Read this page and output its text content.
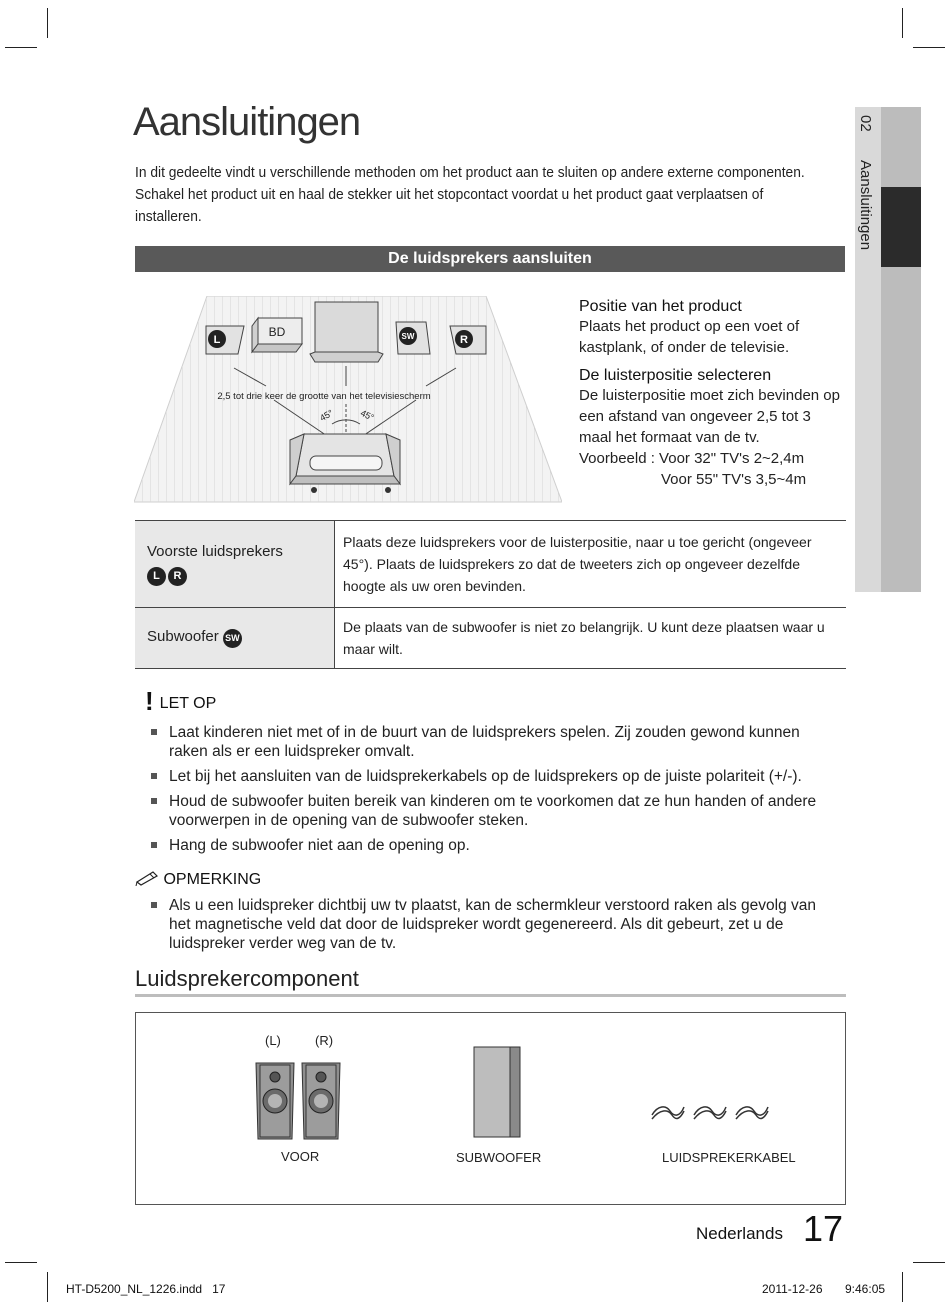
Aansluitingen

In dit gedeelte vindt u verschillende methoden om het product aan te sluiten op andere externe componenten.

Schakel het product uit en haal de stekker uit het stopcontact voordat u het product gaat verplaatsen of installeren.

De luidsprekers aansluiten
02  Aansluitingen
L
BD	SW	R
2,5 tot drie keer de grootte van het televisiescherm
45°	45°
Positie van het product

Plaats het product op een voet of kastplank, of onder de televisie.

De luisterpositie selecteren

De luisterpositie moet zich bevinden op een afstand van ongeveer 2,5 tot 3 maal het formaat van de tv.

Voorbeeld : Voor 32" TV's 2~2,4m

Voor 55" TV's 3,5~4m

Voorste luidsprekers
L R	Plaats deze luidsprekers voor de luisterpositie, naar u toe gericht (ongeveer 45°). Plaats de luidsprekers zo dat de tweeters zich op ongeveer dezelfde hoogte als uw oren bevinden.
Subwoofer SW	De plaats van de subwoofer is niet zo belangrijk. U kunt deze plaatsen waar u maar wilt.
! LET OP
Laat kinderen niet met of in de buurt van de luidsprekers spelen. Zij zouden gewond kunnen raken als er een luidspreker omvalt.
Let bij het aansluiten van de luidsprekerkabels op de luidsprekers op de juiste polariteit (+/-).
Houd de subwoofer buiten bereik van kinderen om te voorkomen dat ze hun handen of andere voorwerpen in de opening van de subwoofer steken.
Hang de subwoofer niet aan de opening op.
OPMERKING
Als u een luidspreker dichtbij uw tv plaatst, kan de schermkleur verstoord raken als gevolg van het magnetische veld dat door de luidspreker wordt gegenereerd. Als dit gebeurt, zet u de luidspreker verder weg van de tv.
Luidsprekercomponent
(L)	(R)
VOOR	SUBWOOFER	LUIDSPREKERKABEL
Nederlands 17
HT-D5200_NL_1226.indd   17	2011-12-26 9:46:05
